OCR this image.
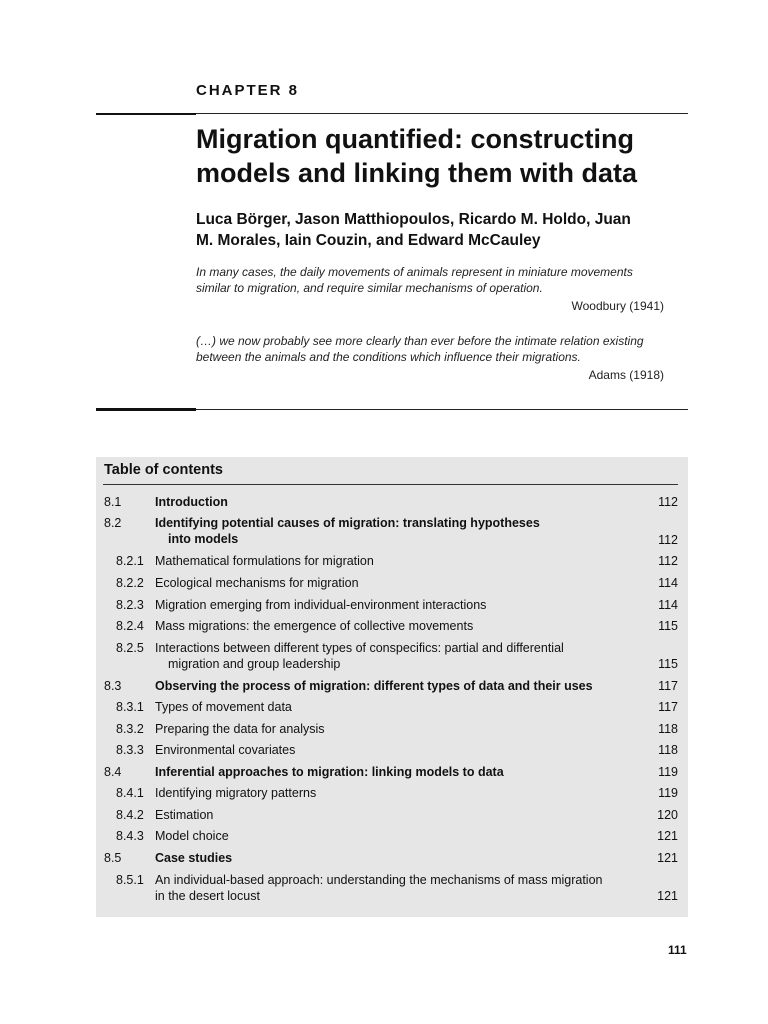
CHAPTER 8
Migration quantified: constructing
models and linking them with data
Luca Börger, Jason Matthiopoulos, Ricardo M. Holdo, Juan
M. Morales, Iain Couzin, and Edward McCauley
In many cases, the daily movements of animals represent in miniature movements
similar to migration, and require similar mechanisms of operation.
Woodbury (1941)
(…) we now probably see more clearly than ever before the intimate relation existing
between the animals and the conditions which influence their migrations.
Adams (1918)
Table of contents
8.1	Introduction	112
8.2	Identifying potential causes of migration: translating hypotheses
into models	112
8.2.1 Mathematical formulations for migration	112
8.2.2 Ecological mechanisms for migration	114
8.2.3 Migration emerging from individual-environment interactions	114
8.2.4 Mass migrations: the emergence of collective movements	115
8.2.5 Interactions between different types of conspecifics: partial and differential
migration and group leadership	115
8.3	Observing the process of migration: different types of data and their uses	117
8.3.1 Types of movement data	117
8.3.2 Preparing the data for analysis	118
8.3.3 Environmental covariates	118
8.4	Inferential approaches to migration: linking models to data	119
8.4.1 Identifying migratory patterns	119
8.4.2 Estimation	120
8.4.3 Model choice	121
8.5	Case studies	121
8.5.1 An individual-based approach: understanding the mechanisms of mass migration
in the desert locust	121
111
